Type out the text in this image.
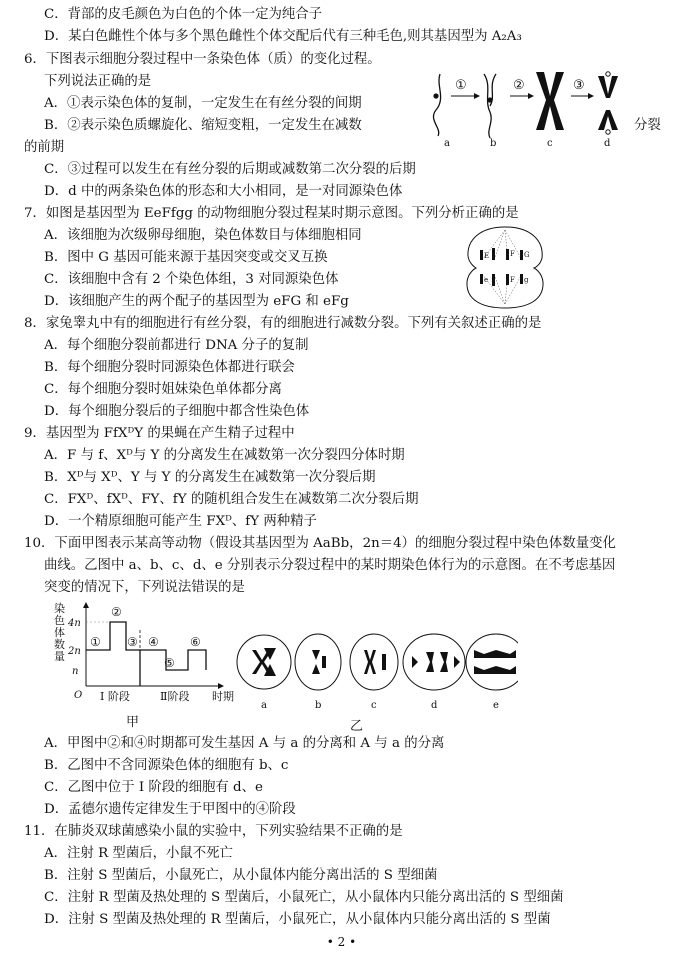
C．背部的皮毛颜色为白色的个体一定为纯合子
D．某白色雌性个体与多个黑色雌性个体交配后代有三种毛色,则其基因型为 A₂A₃
6．下图表示细胞分裂过程中一条染色体（质）的变化过程。
下列说法正确的是
A．①表示染色体的复制，一定发生在有丝分裂的间期
B．②表示染色质螺旋化、缩短变粗，一定发生在减数	分裂
的前期
C．③过程可以发生在有丝分裂的后期或减数第二次分裂的后期
D．d 中的两条染色体的形态和大小相同，是一对同源染色体
①	②	③
a	b	c	d
7．如图是基因型为 EeFfgg 的动物细胞分裂过程某时期示意图。下列分析正确的是
A．该细胞为次级卵母细胞，染色体数目与体细胞相同
B．图中 G 基因可能来源于基因突变或交叉互换
C．该细胞中含有 2 个染色体组，3 对同源染色体
D．该细胞产生的两个配子的基因型为 eFG 和 eFg
E	F G
e	F g
8．家兔睾丸中有的细胞进行有丝分裂，有的细胞进行减数分裂。下列有关叙述正确的是
A．每个细胞分裂前都进行 DNA 分子的复制
B．每个细胞分裂时同源染色体都进行联会
C．每个细胞分裂时姐妹染色单体都分离
D．每个细胞分裂后的子细胞中都含性染色体
9．基因型为 FfXᴰY 的果蝇在产生精子过程中
A．F 与 f、Xᴰ与 Y 的分离发生在减数第一次分裂四分体时期
B．Xᴰ与 Xᴰ、Y 与 Y 的分离发生在减数第一次分裂后期
C．FXᴰ、fXᴰ、FY、fY 的随机组合发生在减数第二次分裂后期
D．一个精原细胞可能产生 FXᴰ、fY 两种精子
10．下面甲图表示某高等动物（假设其基因型为 AaBb，2n＝4）的细胞分裂过程中染色体数量变化
曲线。乙图中 a、b、c、d、e 分别表示分裂过程中的某时期染色体行为的示意图。在不考虑基因
突变的情况下，下列说法错误的是
染
色
体
数
量
4n
2n
n
O
①
②
③ ④
⑤
⑥
I 阶段	Ⅱ阶段 时期
甲
a	b	c	d	e
乙
A．甲图中②和④时期都可发生基因 A 与 a 的分离和 A 与 a 的分离
B．乙图中不含同源染色体的细胞有 b、c
C．乙图中位于 I 阶段的细胞有 d、e
D．孟德尔遗传定律发生于甲图中的④阶段
11．在肺炎双球菌感染小鼠的实验中，下列实验结果不正确的是
A．注射 R 型菌后，小鼠不死亡
B．注射 S 型菌后，小鼠死亡，从小鼠体内能分离出活的 S 型细菌
C．注射 R 型菌及热处理的 S 型菌后，小鼠死亡，从小鼠体内只能分离出活的 S 型细菌
D．注射 S 型菌及热处理的 R 型菌后，小鼠死亡，从小鼠体内只能分离出活的 S 型菌
• 2 •
